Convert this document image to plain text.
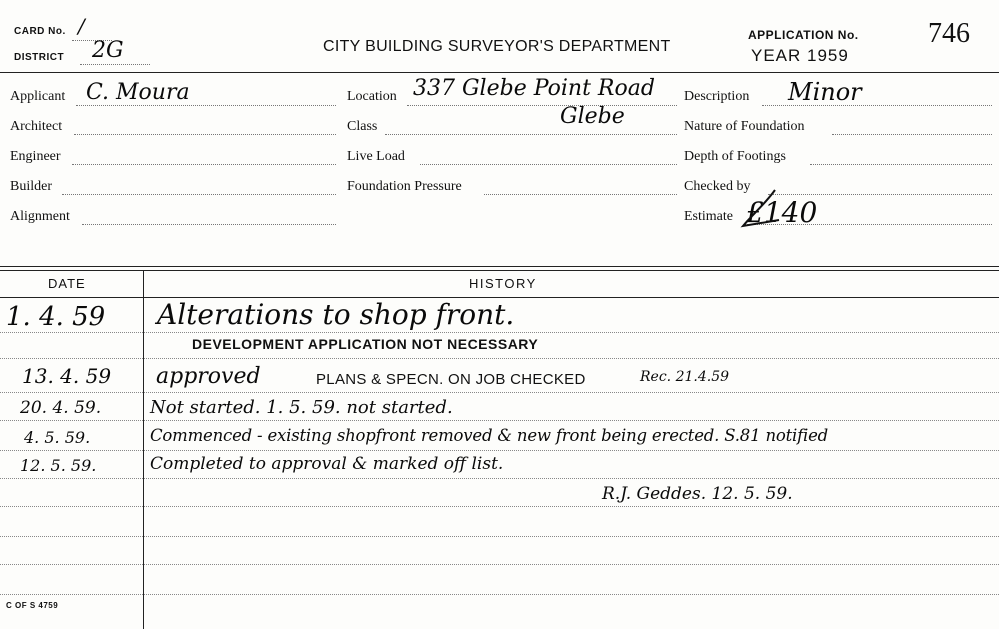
CARD No. /
DISTRICT 2G	CITY BUILDING SURVEYOR'S DEPARTMENT
APPLICATION No.
YEAR 1959
746
Applicant C. Moura
Architect
Engineer
Builder
Alignment
Location 337 Glebe Point Road
Class	Glebe
Live Load
Foundation Pressure
Description Minor
Nature of Foundation
Depth of Footings
Checked by
Estimate £140
DATE	HISTORY
1. 4. 59 Alterations to shop front.
DEVELOPMENT APPLICATION NOT NECESSARY
13. 4. 59 approved	PLANS & SPECN. ON JOB CHECKED	Rec. 21.4.59
20. 4. 59.	Not started. 1. 5. 59. not started.
4. 5. 59.	Commenced - existing shopfront removed & new front being erected. S.81 notified
12. 5. 59.	Completed to approval & marked off list.
R.J. Geddes. 12. 5. 59.
C OF S 4759
